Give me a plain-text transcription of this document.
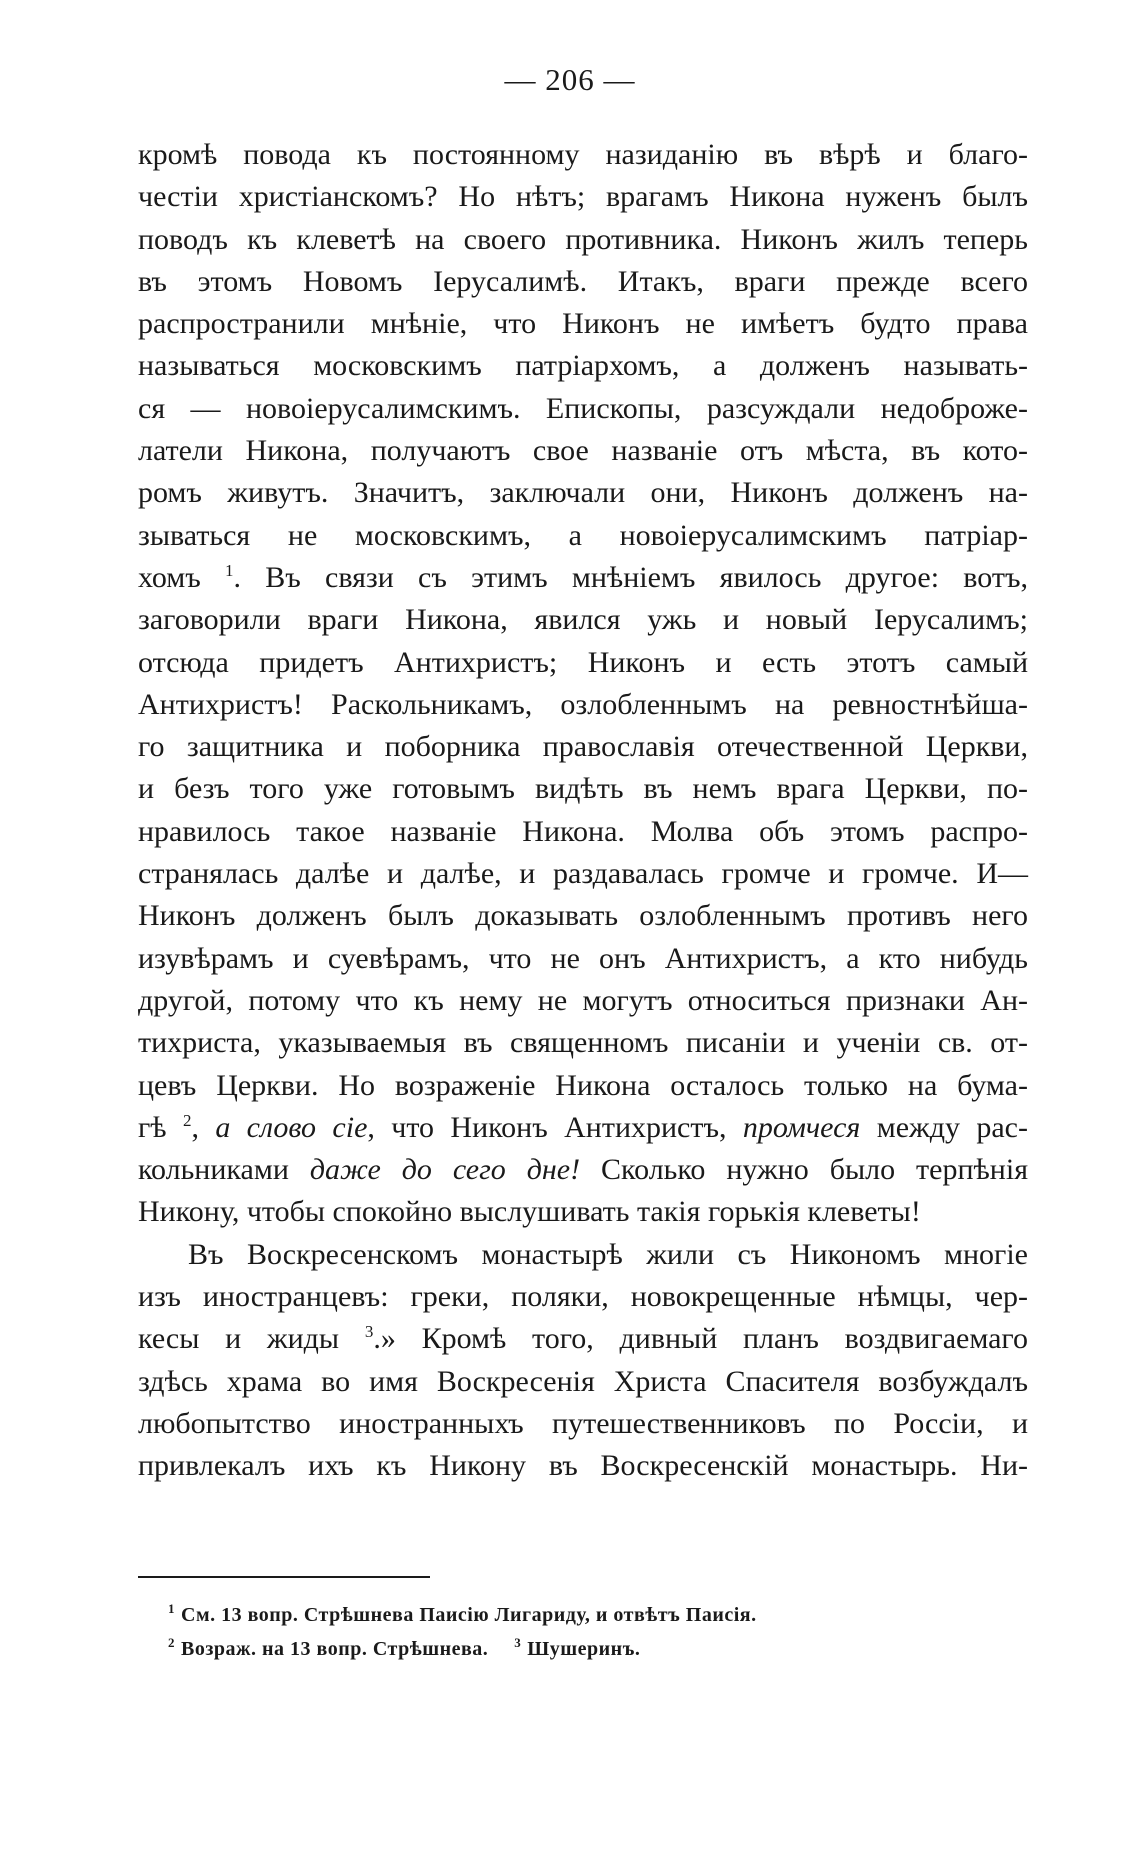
— 206 —
кромѣ повода къ постоянному назиданію въ вѣрѣ и благо-
честіи христіанскомъ? Но нѣтъ; врагамъ Никона нуженъ былъ
поводъ къ клеветѣ на своего противника. Никонъ жилъ теперь
въ этомъ Новомъ Іерусалимѣ. Итакъ, враги прежде всего
распространили мнѣніе, что Никонъ не имѣетъ будто права
называться московскимъ патріархомъ, а долженъ называть-
ся — новоіерусалимскимъ. Епископы, разсуждали недоброже-
латели Никона, получаютъ свое названіе отъ мѣста, въ кото-
ромъ живутъ. Значитъ, заключали они, Никонъ долженъ на-
зываться не московскимъ, а новоіерусалимскимъ патріар-
хомъ $^1$. Въ связи съ этимъ мнѣніемъ явилось другое: вотъ,
заговорили враги Никона, явился ужь и новый Іерусалимъ;
отсюда придетъ Антихристъ; Никонъ и есть этотъ самый
Антихристъ! Раскольникамъ, озлобленнымъ на ревностнѣйша-
го защитника и поборника православія отечественной Церкви,
и безъ того уже готовымъ видѣть въ немъ врага Церкви, по-
нравилось такое названіе Никона. Молва объ этомъ распро-
странялась далѣе и далѣе, и раздавалась громче и громче. И—
Никонъ долженъ былъ доказывать озлобленнымъ противъ него
изувѣрамъ и суевѣрамъ, что не онъ Антихристъ, а кто нибудь
другой, потому что къ нему не могутъ относиться признаки Ан-
тихриста, указываемыя въ священномъ писаніи и ученіи св. от-
цевъ Церкви. Но возраженіе Никона осталось только на бума-
гѣ $^2$, а слово сіе, что Никонъ Антихристъ, промчеся между рас-
кольниками даже до сего дне! Сколько нужно было терпѣнія
Никону, чтобы спокойно выслушивать такія горькія клеветы!
Въ Воскресенскомъ монастырѣ жили съ Никономъ многіе
изъ иностранцевъ: греки, поляки, новокрещенные нѣмцы, чер-
кесы и жиды $^3$.» Кромѣ того, дивный планъ воздвигаемаго
здѣсь храма во имя Воскресенія Христа Спасителя возбуждалъ
любопытство иностранныхъ путешественниковъ по Россіи, и
привлекалъ ихъ къ Никону въ Воскресенскій монастырь. Ни-
$^1$ См. 13 вопр. Стрѣшнева Паисію Лигариду, и отвѣтъ Паисія.
$^2$ Возраж. на 13 вопр. Стрѣшнева. $^3$ Шушеринъ.
